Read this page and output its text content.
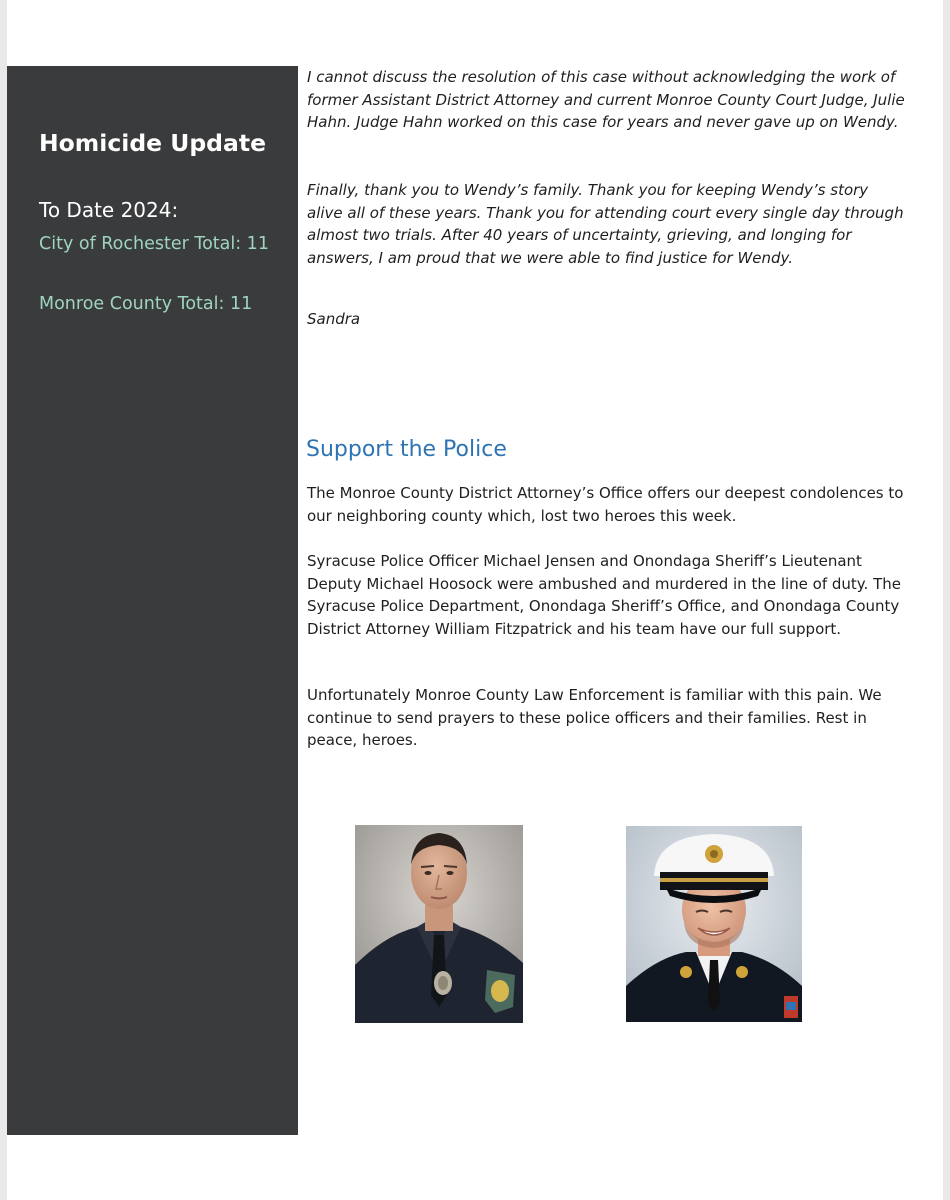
Homicide Update
To Date 2024:
City of Rochester Total: 11
Monroe County Total: 11

I cannot discuss the resolution of this case without acknowledging the work of former Assistant District Attorney and current Monroe County Court Judge, Julie Hahn. Judge Hahn worked on this case for years and never gave up on Wendy.

Finally, thank you to Wendy’s family. Thank you for keeping Wendy’s story alive all of these years. Thank you for attending court every single day through almost two trials. After 40 years of uncertainty, grieving, and longing for answers, I am proud that we were able to find justice for Wendy.

Sandra

Support the Police

The Monroe County District Attorney’s Office offers our deepest condolences to our neighboring county which, lost two heroes this week.

Syracuse Police Officer Michael Jensen and Onondaga Sheriff’s Lieutenant Deputy Michael Hoosock were ambushed and murdered in the line of duty. The Syracuse Police Department, Onondaga Sheriff’s Office, and Onondaga County District Attorney William Fitzpatrick and his team have our full support.

Unfortunately Monroe County Law Enforcement is familiar with this pain. We continue to send prayers to these police officers and their families. Rest in peace, heroes.
